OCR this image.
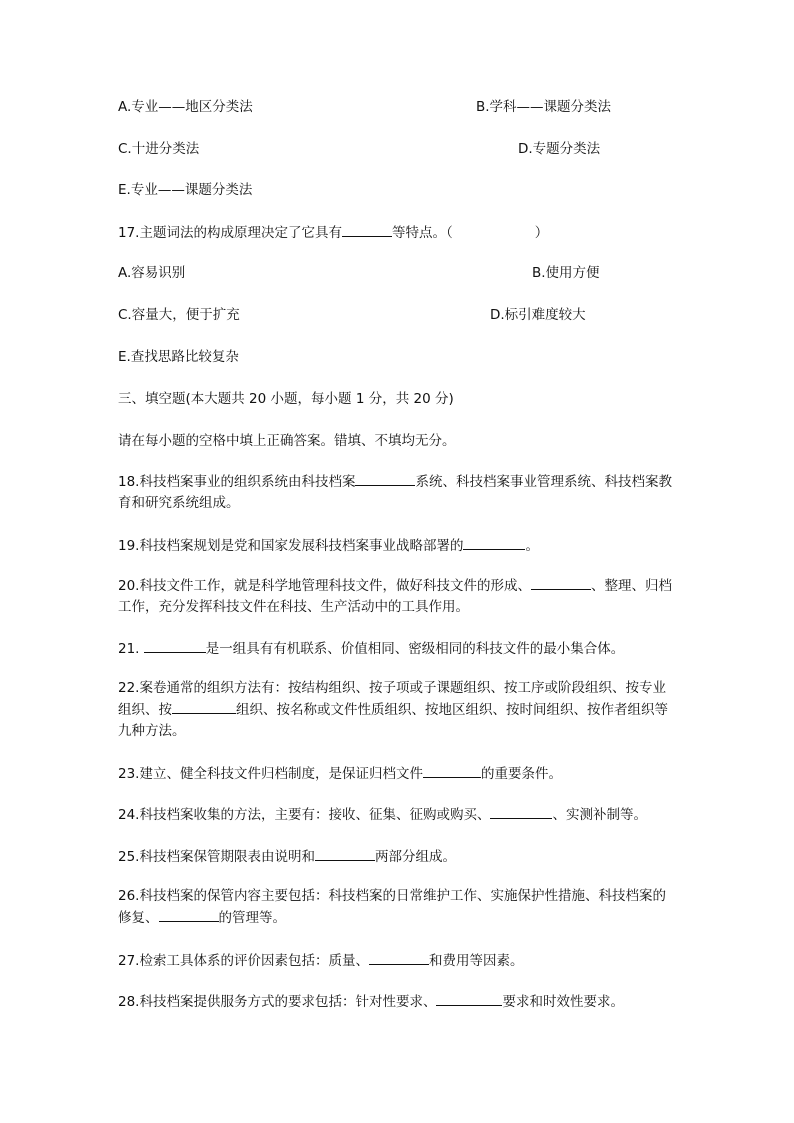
A.专业——地区分类法	B.学科——课题分类法
C.十进分类法	D.专题分类法
E.专业——课题分类法
17.主题词法的构成原理决定了它具有	等特点。（	）
A.容易识别	B.使用方便
C.容量大，便于扩充	D.标引难度较大
E.查找思路比较复杂
三、填空题(本大题共 20 小题，每小题 1 分，共 20 分)
请在每小题的空格中填上正确答案。错填、不填均无分。
18.科技档案事业的组织系统由科技档案	系统、科技档案事业管理系统、科技档案教育和研究系统组成。
19.科技档案规划是党和国家发展科技档案事业战略部署的	。
20.科技文件工作，就是科学地管理科技文件，做好科技文件的形成、	、整理、归档工作，充分发挥科技文件在科技、生产活动中的工具作用。
21.	是一组具有有机联系、价值相同、密级相同的科技文件的最小集合体。
22.案卷通常的组织方法有：按结构组织、按子项或子课题组织、按工序或阶段组织、按专业组织、按	组织、按名称或文件性质组织、按地区组织、按时间组织、按作者组织等九种方法。
23.建立、健全科技文件归档制度，是保证归档文件	的重要条件。
24.科技档案收集的方法，主要有：接收、征集、征购或购买、	、实测补制等。
25.科技档案保管期限表由说明和	两部分组成。
26.科技档案的保管内容主要包括：科技档案的日常维护工作、实施保护性措施、科技档案的修复、	的管理等。
27.检索工具体系的评价因素包括：质量、	和费用等因素。
28.科技档案提供服务方式的要求包括：针对性要求、	要求和时效性要求。
